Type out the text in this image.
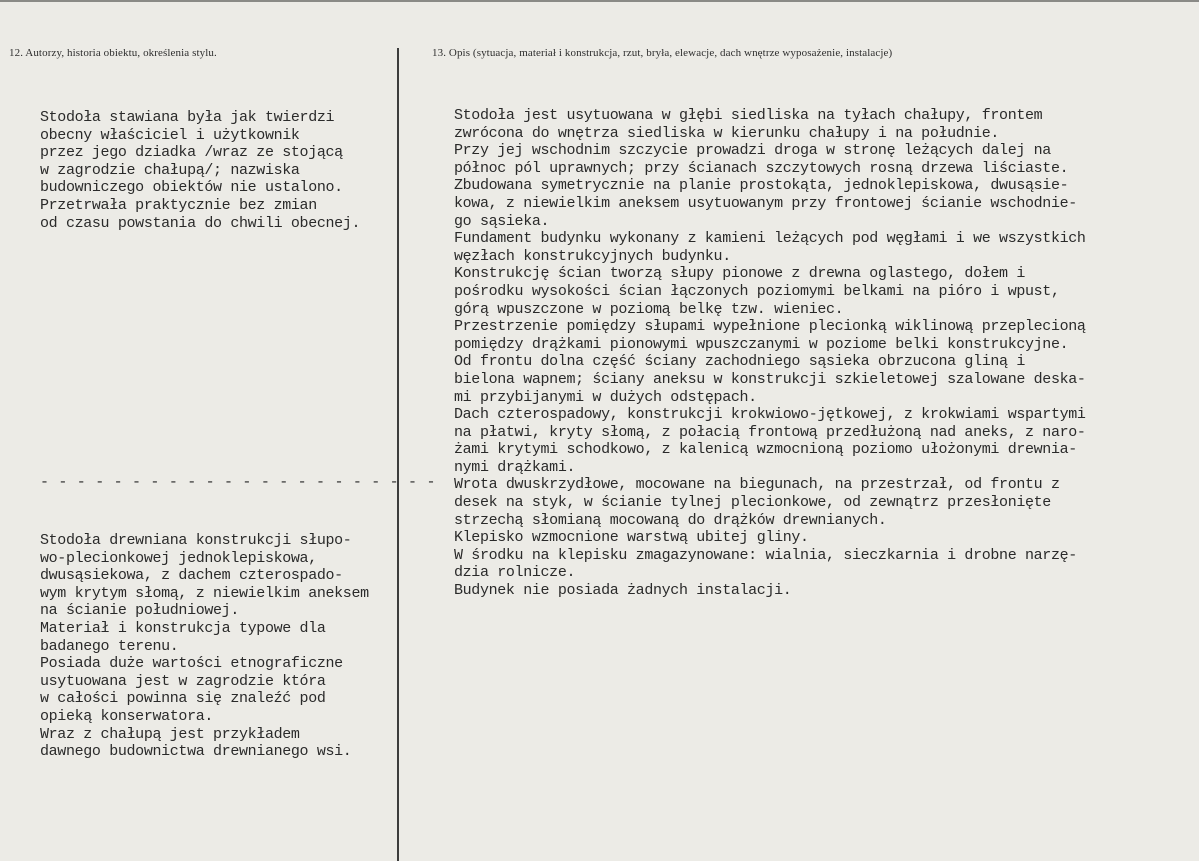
12. Autorzy, historia obiektu, określenia stylu.	13. Opis (sytuacja, materiał i konstrukcja, rzut, bryła, elewacje, dach wnętrze wyposażenie, instalacje)
Stodoła stawiana była jak twierdzi
obecny właściciel i użytkownik
przez jego dziadka /wraz ze stojącą
w zagrodzie chałupą/; nazwiska
budowniczego obiektów nie ustalono.
Przetrwała praktycznie bez zmian
od czasu powstania do chwili obecnej.
- - - - - - - - - - - - - - - - - - - - - -
Stodoła drewniana konstrukcji słupo-
wo-plecionkowej jednoklepiskowa,
dwusąsiekowa, z dachem czterospado-
wym krytym słomą, z niewielkim aneksem
na ścianie południowej.
Materiał i konstrukcja typowe dla
badanego terenu.
Posiada duże wartości etnograficzne
usytuowana jest w zagrodzie która
w całości powinna się znaleźć pod
opieką konserwatora.
Wraz z chałupą jest przykładem
dawnego budownictwa drewnianego wsi.
Stodoła jest usytuowana w głębi siedliska na tyłach chałupy, frontem
zwrócona do wnętrza siedliska w kierunku chałupy i na południe.
Przy jej wschodnim szczycie prowadzi droga w stronę leżących dalej na
północ pól uprawnych; przy ścianach szczytowych rosną drzewa liściaste.
Zbudowana symetrycznie na planie prostokąta, jednoklepiskowa, dwusąsie-
kowa, z niewielkim aneksem usytuowanym przy frontowej ścianie wschodnie-
go sąsieka.
Fundament budynku wykonany z kamieni leżących pod węgłami i we wszystkich
węzłach konstrukcyjnych budynku.
Konstrukcję ścian tworzą słupy pionowe z drewna oglastego, dołem i
pośrodku wysokości ścian łączonych poziomymi belkami na pióro i wpust,
górą wpuszczone w poziomą belkę tzw. wieniec.
Przestrzenie pomiędzy słupami wypełnione plecionką wiklinową przeplecioną
pomiędzy drążkami pionowymi wpuszczanymi w poziome belki konstrukcyjne.
Od frontu dolna część ściany zachodniego sąsieka obrzucona gliną i
bielona wapnem; ściany aneksu w konstrukcji szkieletowej szalowane deska-
mi przybijanymi w dużych odstępach.
Dach czterospadowy, konstrukcji krokwiowo-jętkowej, z krokwiami wspartymi
na płatwi, kryty słomą, z połacią frontową przedłużoną nad aneks, z naro-
żami krytymi schodkowo, z kalenicą wzmocnioną poziomo ułożonymi drewnia-
nymi drążkami.
Wrota dwuskrzydłowe, mocowane na biegunach, na przestrzał, od frontu z
desek na styk, w ścianie tylnej plecionkowe, od zewnątrz przesłonięte
strzechą słomianą mocowaną do drążków drewnianych.
Klepisko wzmocnione warstwą ubitej gliny.
W środku na klepisku zmagazynowane: wialnia, sieczkarnia i drobne narzę-
dzia rolnicze.
Budynek nie posiada żadnych instalacji.
